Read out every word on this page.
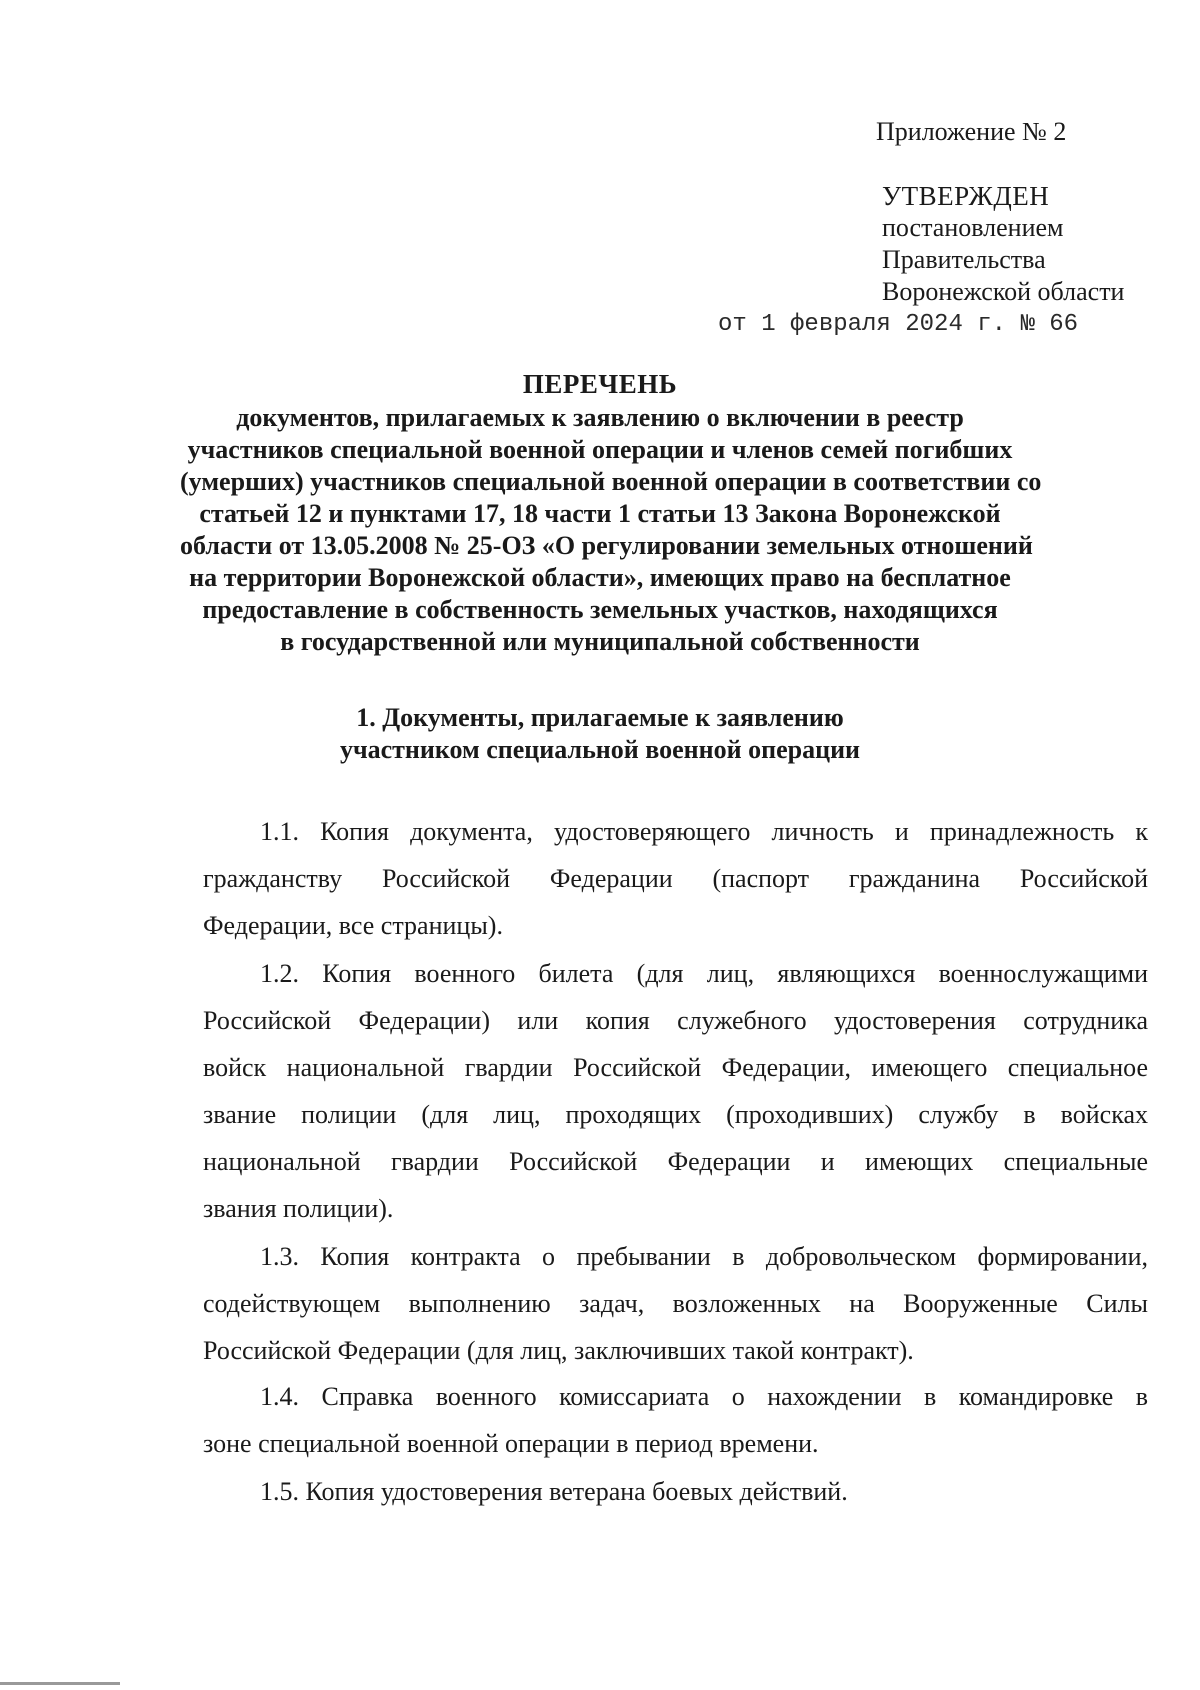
Приложение № 2
УТВЕРЖДЕН
постановлением
Правительства
Воронежской области
от 1 февраля 2024 г. № 66
ПЕРЕЧЕНЬ
документов, прилагаемых к заявлению о включении в реестр
участников специальной военной операции и членов семей погибших
(умерших) участников специальной военной операции в соответствии со
статьей 12 и пунктами 17, 18 части 1 статьи 13 Закона Воронежской
области от 13.05.2008 № 25-ОЗ «О регулировании земельных отношений
на территории Воронежской области», имеющих право на бесплатное
предоставление в собственность земельных участков, находящихся
в государственной или муниципальной собственности
1. Документы, прилагаемые к заявлению
участником специальной военной операции
1.1. Копия документа, удостоверяющего личность и принадлежность к
гражданству Российской Федерации (паспорт гражданина Российской
Федерации, все страницы).
1.2. Копия военного билета (для лиц, являющихся военнослужащими
Российской Федерации) или копия служебного удостоверения сотрудника
войск национальной гвардии Российской Федерации, имеющего специальное
звание полиции (для лиц, проходящих (проходивших) службу в войсках
национальной гвардии Российской Федерации и имеющих специальные
звания полиции).
1.3. Копия контракта о пребывании в добровольческом формировании,
содействующем выполнению задач, возложенных на Вооруженные Силы
Российской Федерации (для лиц, заключивших такой контракт).
1.4. Справка военного комиссариата о нахождении в командировке в
зоне специальной военной операции в период времени.
1.5. Копия удостоверения ветерана боевых действий.
